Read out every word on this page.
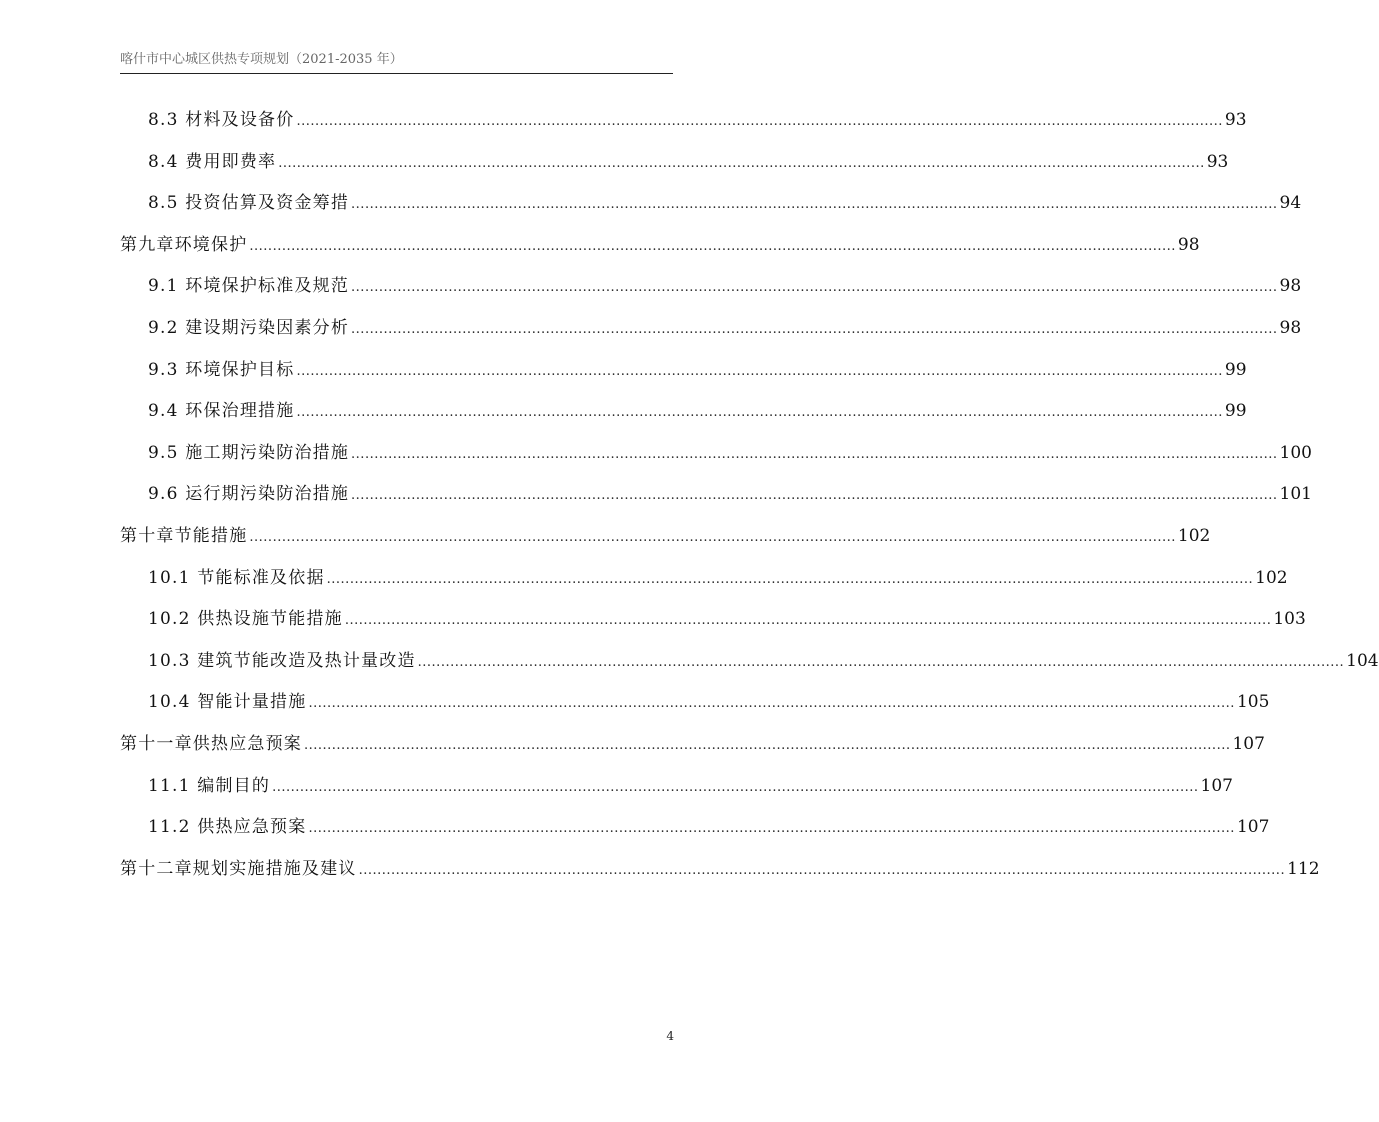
喀什市中心城区供热专项规划（2021-2035 年）
8.3 材料及设备价 ........................................................................................................................................................................................................ 93
8.4 费用即费率 ........................................................................................................................................................................................................ 93
8.5 投资估算及资金筹措 ........................................................................................................................................................................................................ 94
第九章环境保护 ........................................................................................................................................................................................................ 98
9.1 环境保护标准及规范 ........................................................................................................................................................................................................ 98
9.2 建设期污染因素分析 ........................................................................................................................................................................................................ 98
9.3 环境保护目标 ........................................................................................................................................................................................................ 99
9.4 环保治理措施 ........................................................................................................................................................................................................ 99
9.5 施工期污染防治措施 ........................................................................................................................................................................................................ 100
9.6 运行期污染防治措施 ........................................................................................................................................................................................................ 101
第十章节能措施 ........................................................................................................................................................................................................ 102
10.1 节能标准及依据 ........................................................................................................................................................................................................ 102
10.2 供热设施节能措施 ........................................................................................................................................................................................................ 103
10.3 建筑节能改造及热计量改造 ........................................................................................................................................................................................................ 104
10.4 智能计量措施 ........................................................................................................................................................................................................ 105
第十一章供热应急预案 ........................................................................................................................................................................................................ 107
11.1 编制目的 ........................................................................................................................................................................................................ 107
11.2 供热应急预案 ........................................................................................................................................................................................................ 107
第十二章规划实施措施及建议 ........................................................................................................................................................................................................ 112
4
